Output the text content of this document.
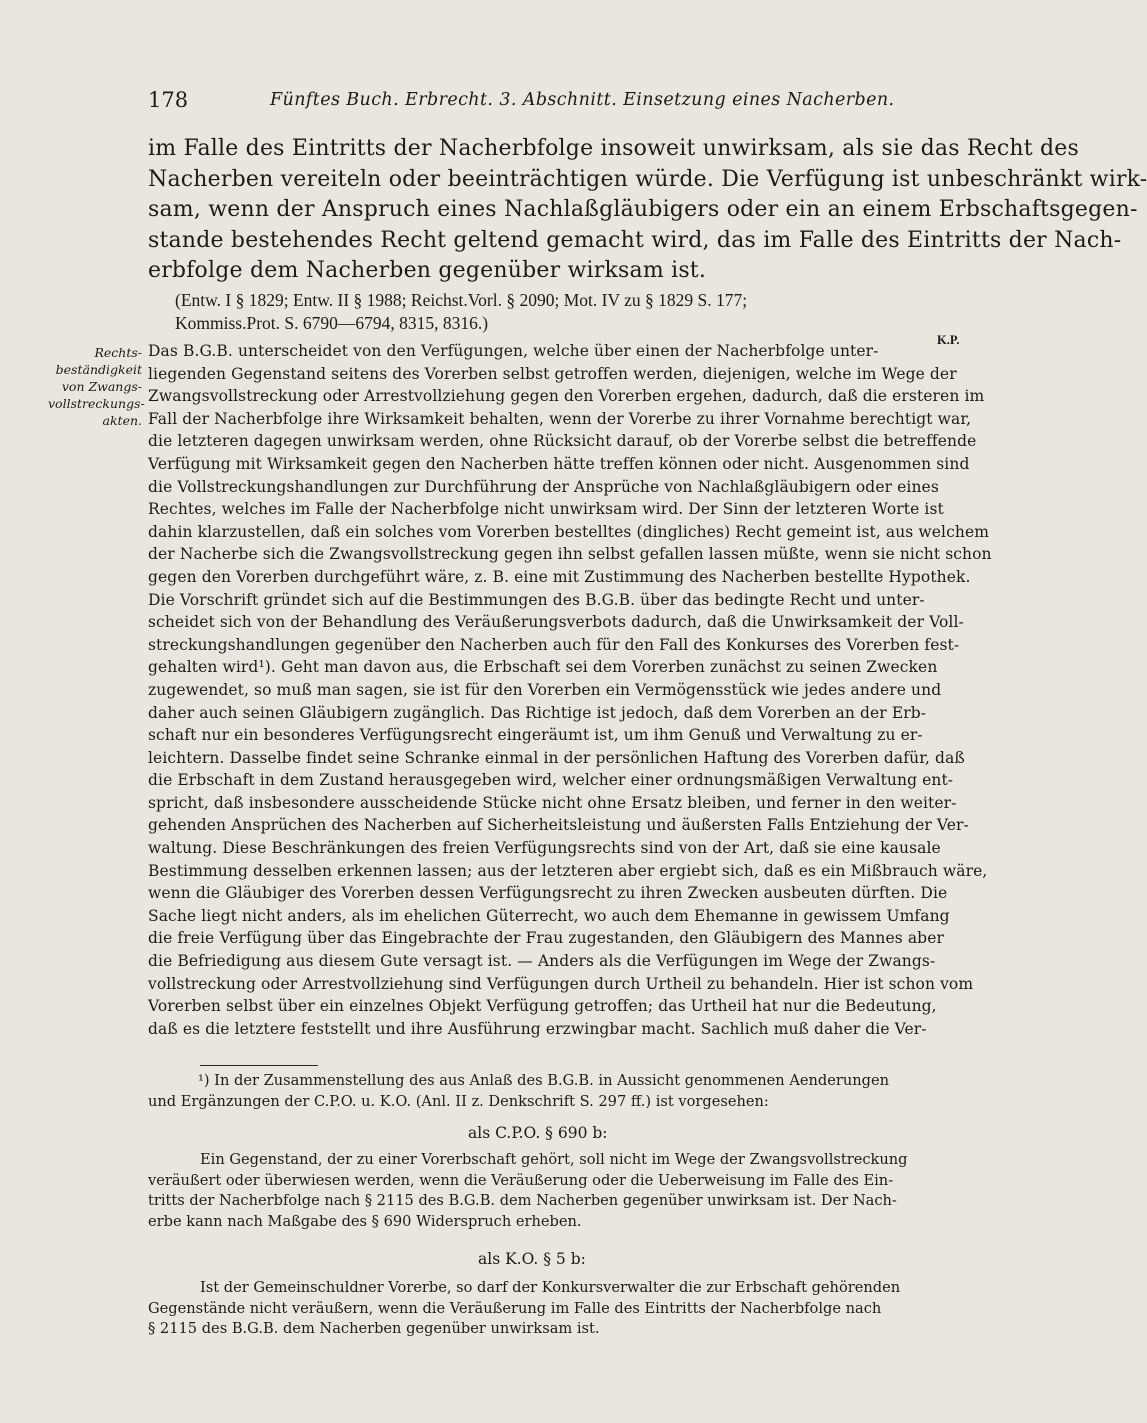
178	Fünftes Buch. Erbrecht. 3. Abschnitt. Einsetzung eines Nacherben.
im Falle des Eintritts der Nacherbfolge insoweit unwirksam, als sie das Recht des
Nacherben vereiteln oder beeinträchtigen würde. Die Verfügung ist unbeschränkt wirk-
sam, wenn der Anspruch eines Nachlaßgläubigers oder ein an einem Erbschaftsgegen-
stande bestehendes Recht geltend gemacht wird, das im Falle des Eintritts der Nach-
erbfolge dem Nacherben gegenüber wirksam ist.
(Entw. I § 1829; Entw. II § 1988; Reichst.Vorl. § 2090; Mot. IV zu § 1829 S. 177;
Kommiss.Prot. S. 6790—6794, 8315, 8316.)
Rechts-
beständigkeit
von Zwangs-
vollstreckungs-
akten.
K.P.
Das B.G.B. unterscheidet von den Verfügungen, welche über einen der Nacherbfolge unter-
liegenden Gegenstand seitens des Vorerben selbst getroffen werden, diejenigen, welche im Wege der
Zwangsvollstreckung oder Arrestvollziehung gegen den Vorerben ergehen, dadurch, daß die ersteren im
Fall der Nacherbfolge ihre Wirksamkeit behalten, wenn der Vorerbe zu ihrer Vornahme berechtigt war,
die letzteren dagegen unwirksam werden, ohne Rücksicht darauf, ob der Vorerbe selbst die betreffende
Verfügung mit Wirksamkeit gegen den Nacherben hätte treffen können oder nicht. Ausgenommen sind
die Vollstreckungshandlungen zur Durchführung der Ansprüche von Nachlaßgläubigern oder eines
Rechtes, welches im Falle der Nacherbfolge nicht unwirksam wird. Der Sinn der letzteren Worte ist
dahin klarzustellen, daß ein solches vom Vorerben bestelltes (dingliches) Recht gemeint ist, aus welchem
der Nacherbe sich die Zwangsvollstreckung gegen ihn selbst gefallen lassen müßte, wenn sie nicht schon
gegen den Vorerben durchgeführt wäre, z. B. eine mit Zustimmung des Nacherben bestellte Hypothek.
Die Vorschrift gründet sich auf die Bestimmungen des B.G.B. über das bedingte Recht und unter-
scheidet sich von der Behandlung des Veräußerungsverbots dadurch, daß die Unwirksamkeit der Voll-
streckungshandlungen gegenüber den Nacherben auch für den Fall des Konkurses des Vorerben fest-
gehalten wird¹). Geht man davon aus, die Erbschaft sei dem Vorerben zunächst zu seinen Zwecken
zugewendet, so muß man sagen, sie ist für den Vorerben ein Vermögensstück wie jedes andere und
daher auch seinen Gläubigern zugänglich. Das Richtige ist jedoch, daß dem Vorerben an der Erb-
schaft nur ein besonderes Verfügungsrecht eingeräumt ist, um ihm Genuß und Verwaltung zu er-
leichtern. Dasselbe findet seine Schranke einmal in der persönlichen Haftung des Vorerben dafür, daß
die Erbschaft in dem Zustand herausgegeben wird, welcher einer ordnungsmäßigen Verwaltung ent-
spricht, daß insbesondere ausscheidende Stücke nicht ohne Ersatz bleiben, und ferner in den weiter-
gehenden Ansprüchen des Nacherben auf Sicherheitsleistung und äußersten Falls Entziehung der Ver-
waltung. Diese Beschränkungen des freien Verfügungsrechts sind von der Art, daß sie eine kausale
Bestimmung desselben erkennen lassen; aus der letzteren aber ergiebt sich, daß es ein Mißbrauch wäre,
wenn die Gläubiger des Vorerben dessen Verfügungsrecht zu ihren Zwecken ausbeuten dürften. Die
Sache liegt nicht anders, als im ehelichen Güterrecht, wo auch dem Ehemanne in gewissem Umfang
die freie Verfügung über das Eingebrachte der Frau zugestanden, den Gläubigern des Mannes aber
die Befriedigung aus diesem Gute versagt ist. — Anders als die Verfügungen im Wege der Zwangs-
vollstreckung oder Arrestvollziehung sind Verfügungen durch Urtheil zu behandeln. Hier ist schon vom
Vorerben selbst über ein einzelnes Objekt Verfügung getroffen; das Urtheil hat nur die Bedeutung,
daß es die letztere feststellt und ihre Ausführung erzwingbar macht. Sachlich muß daher die Ver-
¹) In der Zusammenstellung des aus Anlaß des B.G.B. in Aussicht genommenen Aenderungen
und Ergänzungen der C.P.O. u. K.O. (Anl. II z. Denkschrift S. 297 ff.) ist vorgesehen:
als C.P.O. § 690 b:
Ein Gegenstand, der zu einer Vorerbschaft gehört, soll nicht im Wege der Zwangsvollstreckung
veräußert oder überwiesen werden, wenn die Veräußerung oder die Ueberweisung im Falle des Ein-
tritts der Nacherbfolge nach § 2115 des B.G.B. dem Nacherben gegenüber unwirksam ist. Der Nach-
erbe kann nach Maßgabe des § 690 Widerspruch erheben.
als K.O. § 5 b:
Ist der Gemeinschuldner Vorerbe, so darf der Konkursverwalter die zur Erbschaft gehörenden
Gegenstände nicht veräußern, wenn die Veräußerung im Falle des Eintritts der Nacherbfolge nach
§ 2115 des B.G.B. dem Nacherben gegenüber unwirksam ist.
